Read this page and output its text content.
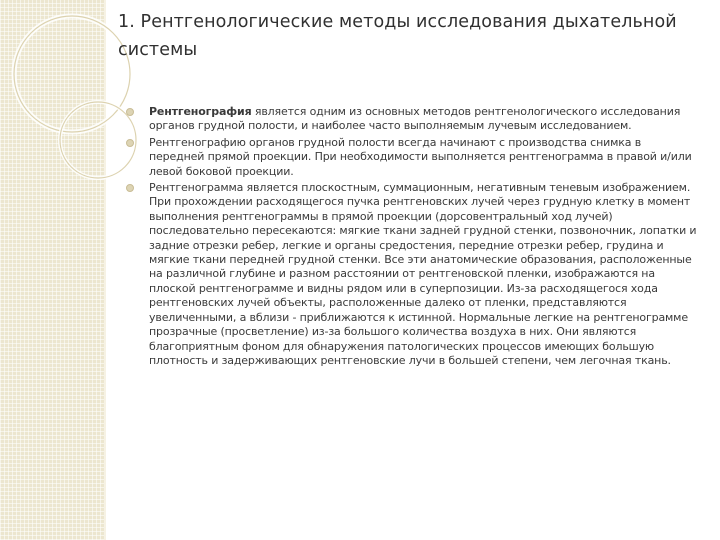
1. Рентгенологические методы исследования дыхательной системы
Рентгенография является одним из основных методов рентгенологического исследования органов грудной полости, и наиболее часто выполняемым лучевым исследованием.
Рентгенографию органов грудной полости всегда начинают с производства снимка в передней прямой проекции. При необходимости выполняется рентгенограмма в правой и/или левой боковой проекции.
Рентгенограмма является плоскостным, суммационным, негативным теневым изображением. При прохождении расходящегося пучка рентгеновских лучей через грудную клетку в момент выполнения рентгенограммы в прямой проекции (дорсовентральный ход лучей) последовательно пересекаются: мягкие ткани задней грудной стенки, позвоночник, лопатки и задние отрезки ребер, легкие и органы средостения, передние отрезки ребер, грудина и мягкие ткани передней грудной стенки. Все эти анатомические образования, расположенные на различной глубине и разном расстоянии от рентгеновской пленки, изображаются на плоской рентгенограмме и видны рядом или в суперпозиции. Из-за расходящегося хода рентгеновских лучей объекты, расположенные далеко от пленки, представляются увеличенными, а вблизи - приближаются к истинной. Нормальные легкие на рентгенограмме прозрачные (просветление) из-за большого количества воздуха в них. Они являются благоприятным фоном для обнаружения патологических процессов имеющих большую плотность и задерживающих рентгеновские лучи в большей степени, чем легочная ткань.
